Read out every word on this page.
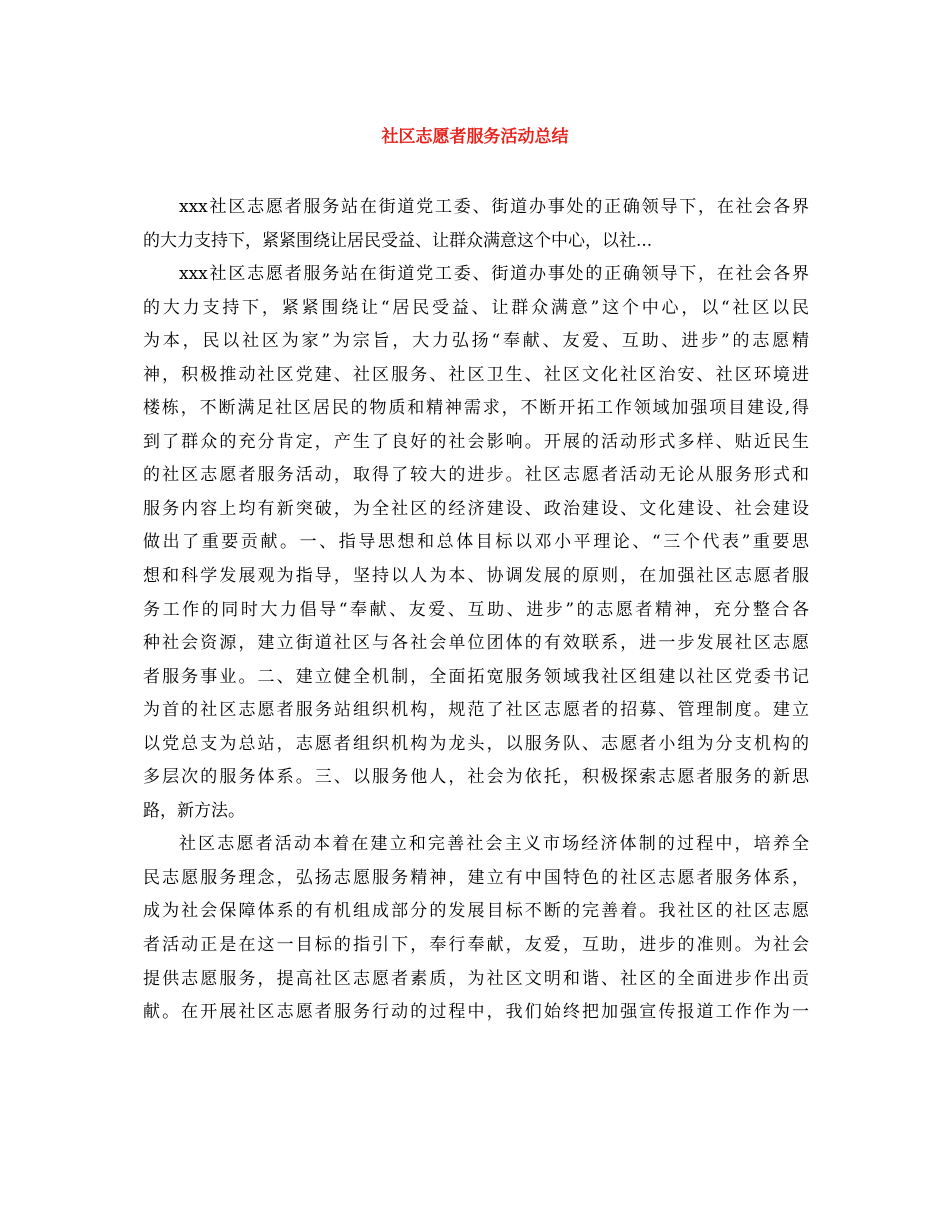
社区志愿者服务活动总结
xxx社区志愿者服务站在街道党工委、街道办事处的正确领导下，在社会各界
的大力支持下，紧紧围绕让居民受益、让群众满意这个中心，以社...
xxx社区志愿者服务站在街道党工委、街道办事处的正确领导下，在社会各界
的大力支持下，紧紧围绕让“居民受益、让群众满意”这个中心，以“社区以民
为本，民以社区为家”为宗旨，大力弘扬“奉献、友爱、互助、进步”的志愿精
神，积极推动社区党建、社区服务、社区卫生、社区文化社区治安、社区环境进
楼栋，不断满足社区居民的物质和精神需求，不断开拓工作领域加强项目建设,得
到了群众的充分肯定，产生了良好的社会影响。开展的活动形式多样、贴近民生
的社区志愿者服务活动，取得了较大的进步。社区志愿者活动无论从服务形式和
服务内容上均有新突破，为全社区的经济建设、政治建设、文化建设、社会建设
做出了重要贡献。一、指导思想和总体目标以邓小平理论、“三个代表”重要思
想和科学发展观为指导，坚持以人为本、协调发展的原则，在加强社区志愿者服
务工作的同时大力倡导“奉献、友爱、互助、进步”的志愿者精神，充分整合各
种社会资源，建立街道社区与各社会单位团体的有效联系，进一步发展社区志愿
者服务事业。二、建立健全机制，全面拓宽服务领域我社区组建以社区党委书记
为首的社区志愿者服务站组织机构，规范了社区志愿者的招募、管理制度。建立
以党总支为总站，志愿者组织机构为龙头，以服务队、志愿者小组为分支机构的
多层次的服务体系。三、以服务他人，社会为依托，积极探索志愿者服务的新思
路，新方法。
社区志愿者活动本着在建立和完善社会主义市场经济体制的过程中，培养全
民志愿服务理念，弘扬志愿服务精神，建立有中国特色的社区志愿者服务体系，
成为社会保障体系的有机组成部分的发展目标不断的完善着。我社区的社区志愿
者活动正是在这一目标的指引下，奉行奉献，友爱，互助，进步的准则。为社会
提供志愿服务，提高社区志愿者素质，为社区文明和谐、社区的全面进步作出贡
献。在开展社区志愿者服务行动的过程中，我们始终把加强宣传报道工作作为一
